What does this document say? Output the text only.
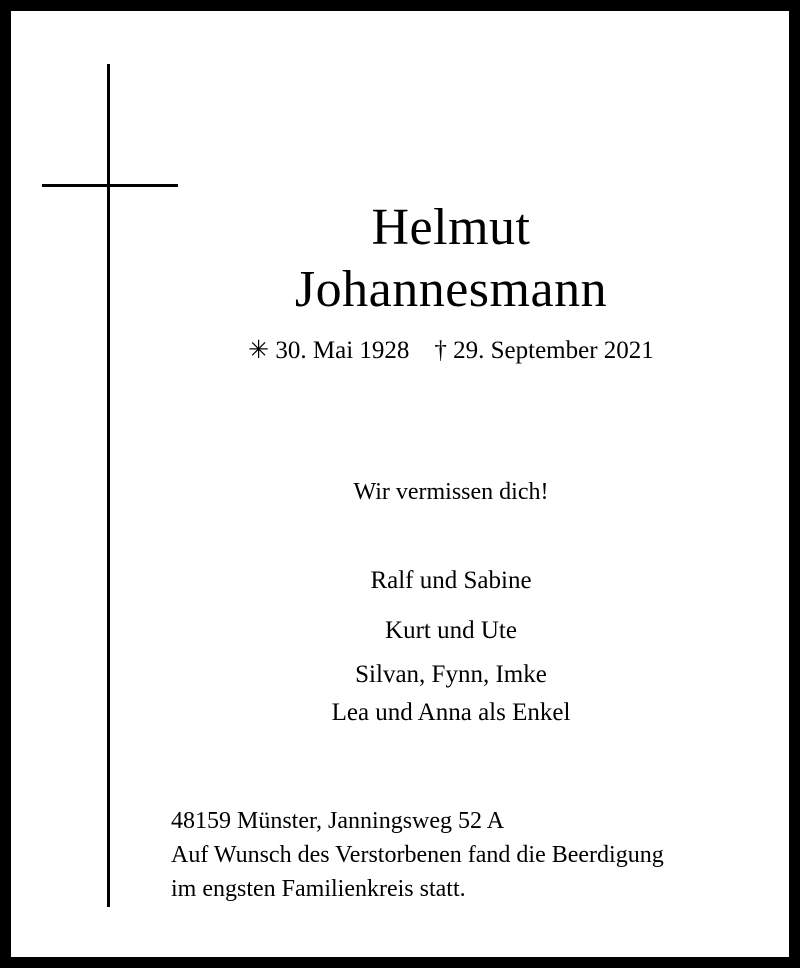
Helmut
Johannesmann
✳ 30. Mai 1928    † 29. September 2021
Wir vermissen dich!
Ralf und Sabine
Kurt und Ute
Silvan, Fynn, Imke
Lea und Anna als Enkel
48159 Münster, Janningsweg 52 A
Auf Wunsch des Verstorbenen fand die Beerdigung
im engsten Familienkreis statt.
